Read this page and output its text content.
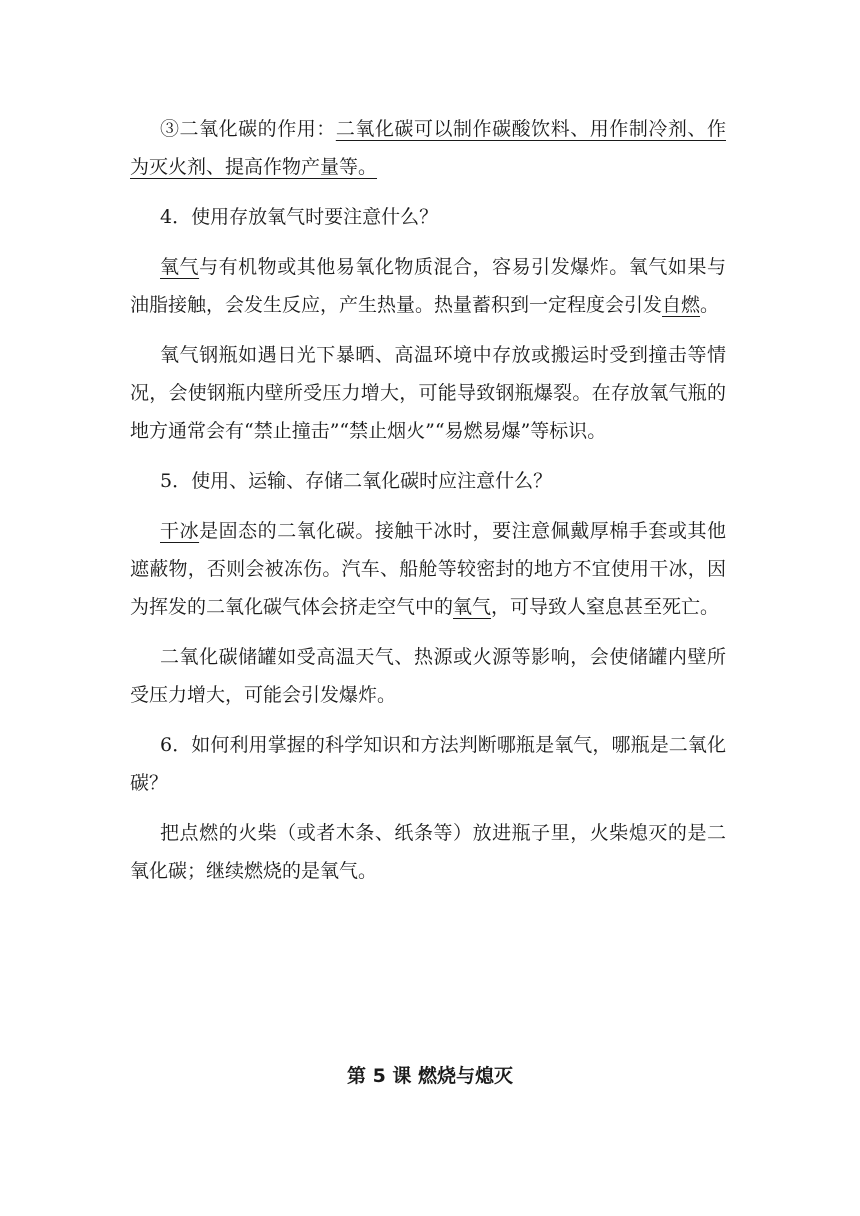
③二氧化碳的作用：二氧化碳可以制作碳酸饮料、用作制冷剂、作为灭火剂、提高作物产量等。

4．使用存放氧气时要注意什么？

氧气与有机物或其他易氧化物质混合，容易引发爆炸。氧气如果与油脂接触，会发生反应，产生热量。热量蓄积到一定程度会引发自燃。

氧气钢瓶如遇日光下暴晒、高温环境中存放或搬运时受到撞击等情况，会使钢瓶内壁所受压力增大，可能导致钢瓶爆裂。在存放氧气瓶的地方通常会有“禁止撞击”“禁止烟火”“易燃易爆”等标识。

5．使用、运输、存储二氧化碳时应注意什么？

干冰是固态的二氧化碳。接触干冰时，要注意佩戴厚棉手套或其他遮蔽物，否则会被冻伤。汽车、船舱等较密封的地方不宜使用干冰，因为挥发的二氧化碳气体会挤走空气中的氧气，可导致人窒息甚至死亡。

二氧化碳储罐如受高温天气、热源或火源等影响，会使储罐内壁所受压力增大，可能会引发爆炸。

6．如何利用掌握的科学知识和方法判断哪瓶是氧气，哪瓶是二氧化碳？

把点燃的火柴（或者木条、纸条等）放进瓶子里，火柴熄灭的是二氧化碳；继续燃烧的是氧气。

第 5 课 燃烧与熄灭
